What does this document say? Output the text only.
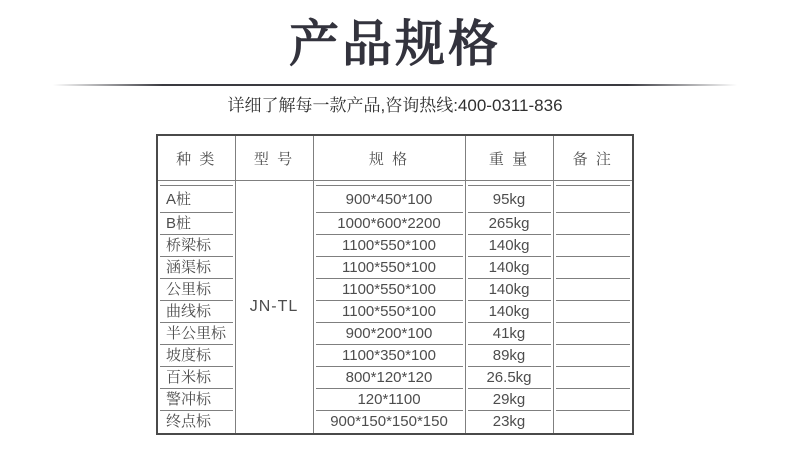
产品规格
详细了解每一款产品,咨询热线:400-0311-836
种 类	型 号	规 格	重 量	备 注
A桩	JN-TL	900*450*100	95kg	
B桩		1000*600*2200	265kg	
桥梁标		1100*550*100	140kg	
涵渠标		1100*550*100	140kg	
公里标		1100*550*100	140kg	
曲线标		1100*550*100	140kg	
半公里标		900*200*100	41kg	
坡度标		1100*350*100	89kg	
百米标		800*120*120	26.5kg	
警冲标		120*1100	29kg	
终点标		900*150*150*150	23kg	
